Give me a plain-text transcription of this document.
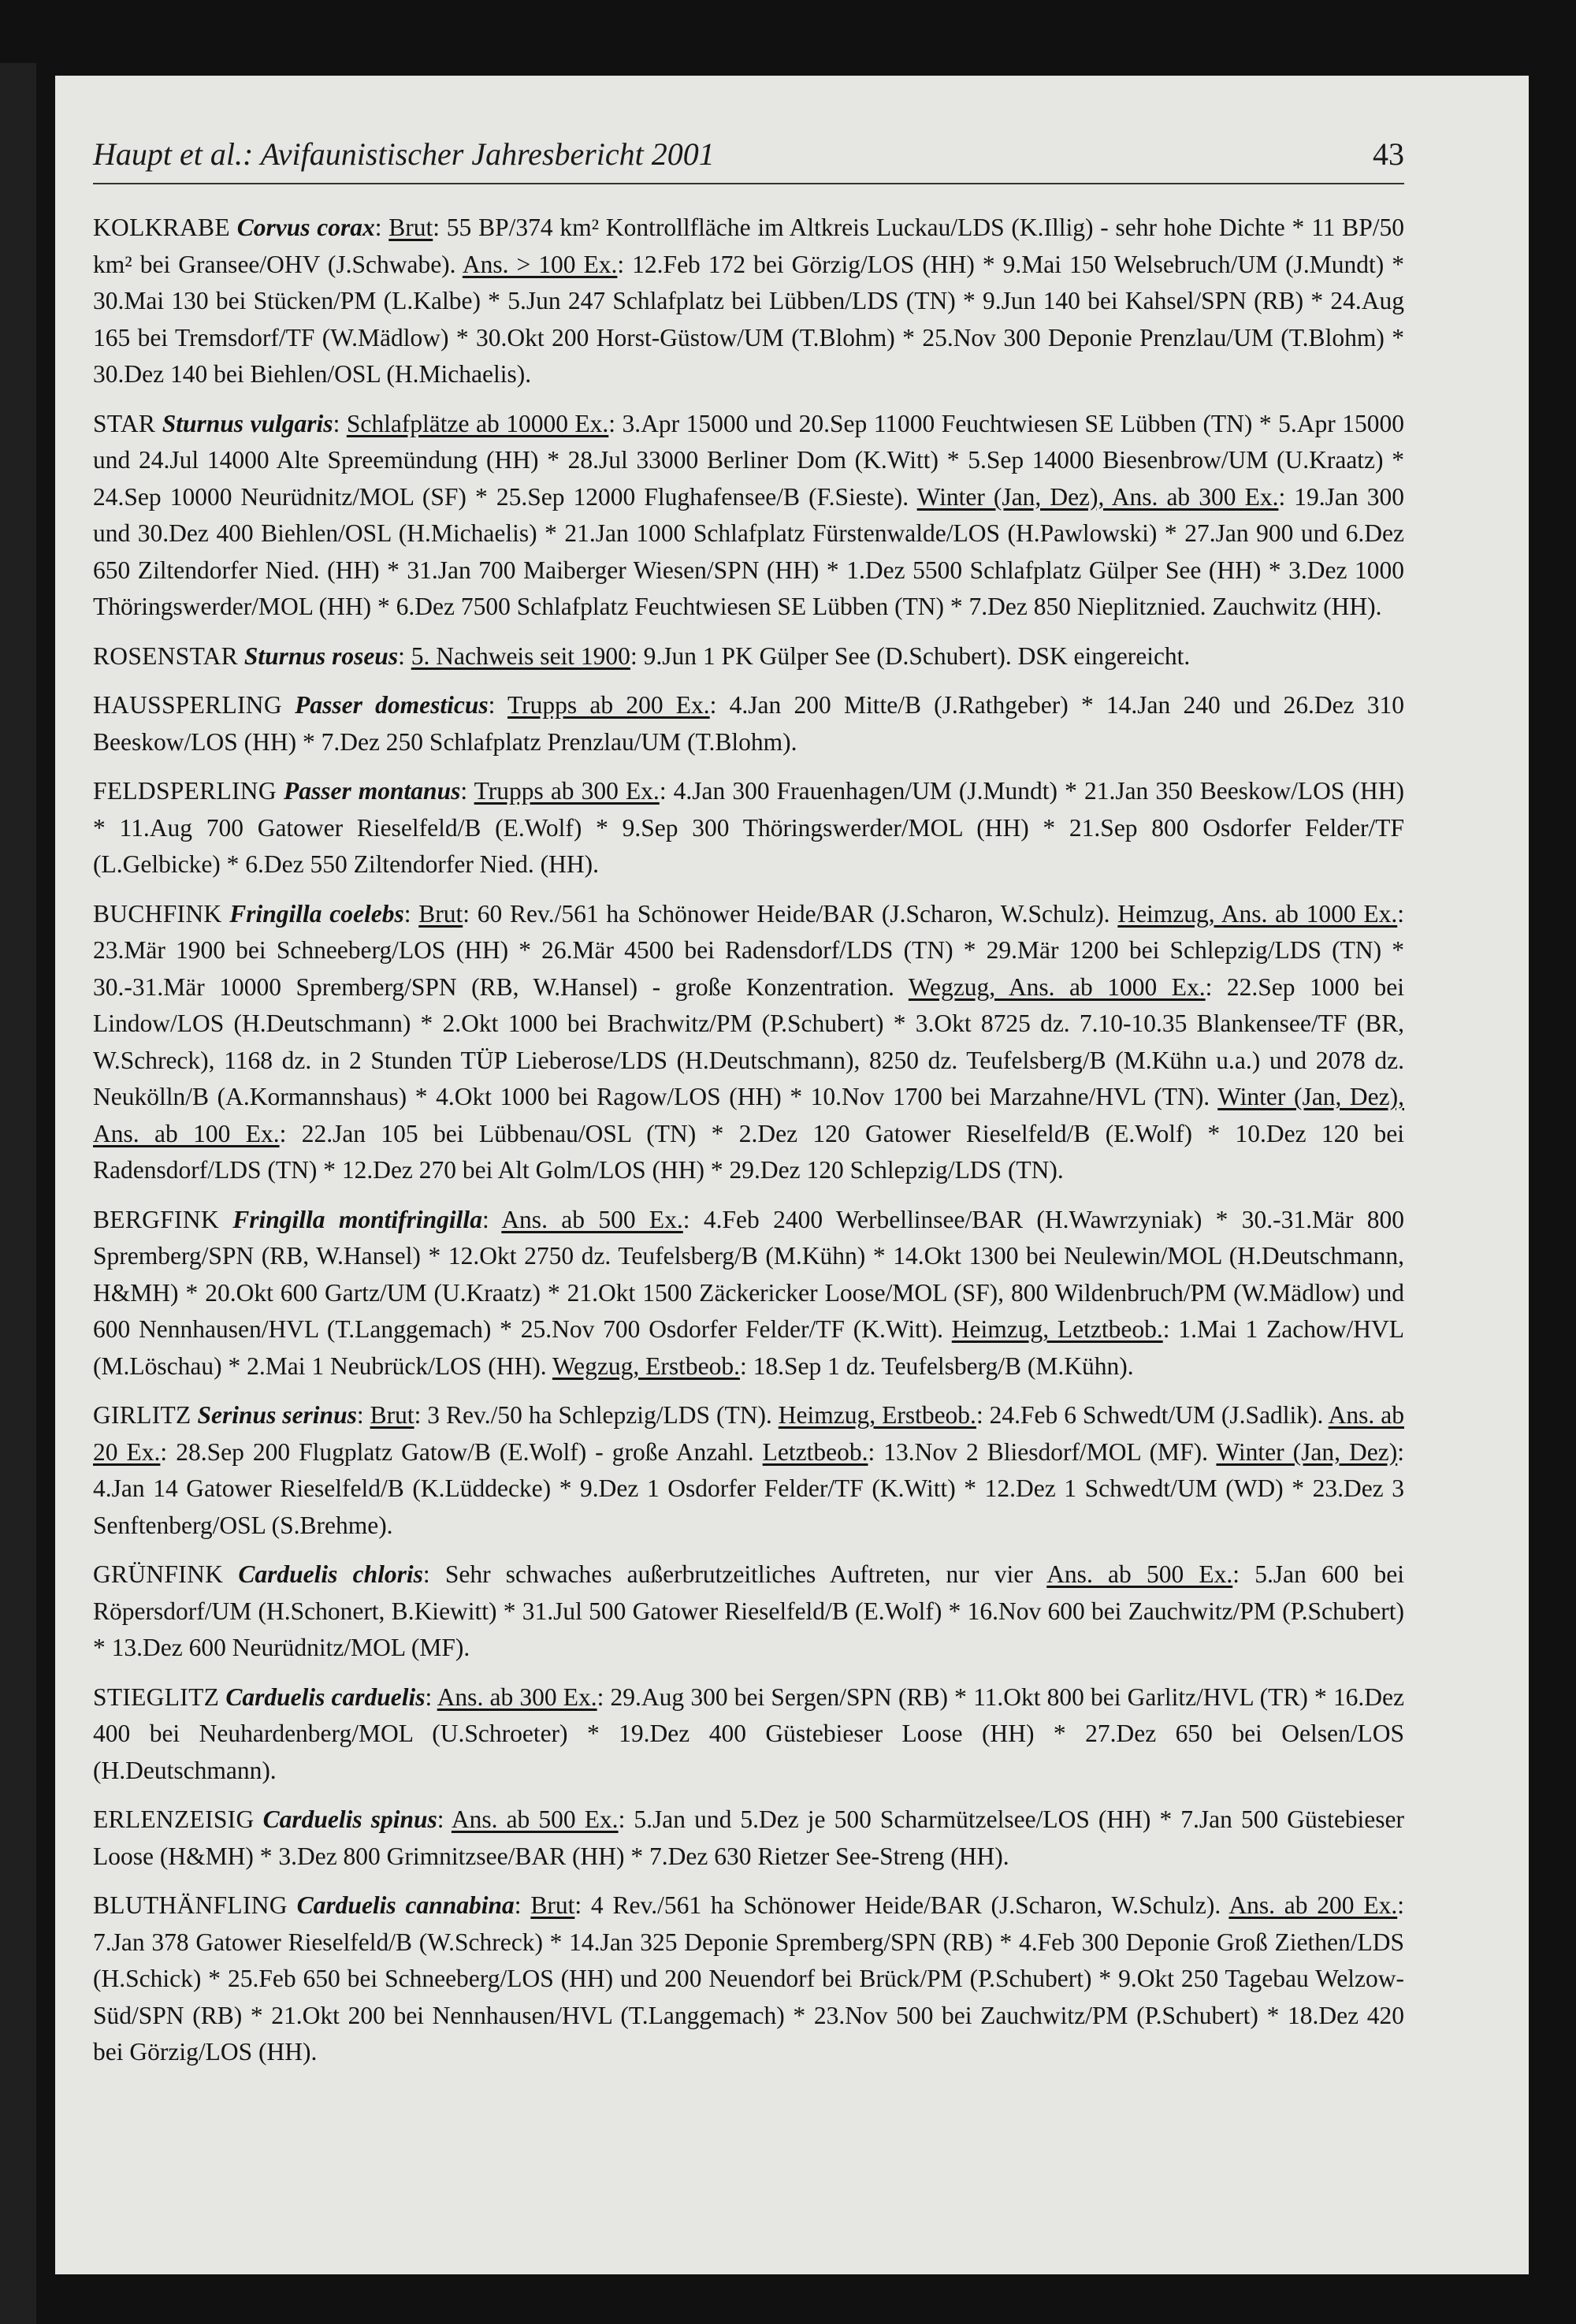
Haupt et al.: Avifaunistischer Jahresbericht 2001	43

KOLKRABE Corvus corax: Brut: 55 BP/374 km² Kontrollfläche im Altkreis Luckau/LDS (K.Illig) - sehr hohe Dichte * 11 BP/50 km² bei Gransee/OHV (J.Schwabe). Ans. > 100 Ex.: 12.Feb 172 bei Görzig/LOS (HH) * 9.Mai 150 Welsebruch/UM (J.Mundt) * 30.Mai 130 bei Stücken/PM (L.Kalbe) * 5.Jun 247 Schlafplatz bei Lübben/LDS (TN) * 9.Jun 140 bei Kahsel/SPN (RB) * 24.Aug 165 bei Tremsdorf/TF (W.Mädlow) * 30.Okt 200 Horst-Güstow/UM (T.Blohm) * 25.Nov 300 Deponie Prenzlau/UM (T.Blohm) * 30.Dez 140 bei Biehlen/OSL (H.Michaelis).

STAR Sturnus vulgaris: Schlafplätze ab 10000 Ex.: 3.Apr 15000 und 20.Sep 11000 Feuchtwiesen SE Lübben (TN) * 5.Apr 15000 und 24.Jul 14000 Alte Spreemündung (HH) * 28.Jul 33000 Berliner Dom (K.Witt) * 5.Sep 14000 Biesenbrow/UM (U.Kraatz) * 24.Sep 10000 Neurüdnitz/MOL (SF) * 25.Sep 12000 Flughafensee/B (F.Sieste). Winter (Jan, Dez), Ans. ab 300 Ex.: 19.Jan 300 und 30.Dez 400 Biehlen/OSL (H.Michaelis) * 21.Jan 1000 Schlafplatz Fürstenwalde/LOS (H.Pawlowski) * 27.Jan 900 und 6.Dez 650 Ziltendorfer Nied. (HH) * 31.Jan 700 Maiberger Wiesen/SPN (HH) * 1.Dez 5500 Schlafplatz Gülper See (HH) * 3.Dez 1000 Thöringswerder/MOL (HH) * 6.Dez 7500 Schlafplatz Feuchtwiesen SE Lübben (TN) * 7.Dez 850 Nieplitznied. Zauchwitz (HH).

ROSENSTAR Sturnus roseus: 5. Nachweis seit 1900: 9.Jun 1 PK Gülper See (D.Schubert). DSK eingereicht.

HAUSSPERLING Passer domesticus: Trupps ab 200 Ex.: 4.Jan 200 Mitte/B (J.Rathgeber) * 14.Jan 240 und 26.Dez 310 Beeskow/LOS (HH) * 7.Dez 250 Schlafplatz Prenzlau/UM (T.Blohm).

FELDSPERLING Passer montanus: Trupps ab 300 Ex.: 4.Jan 300 Frauenhagen/UM (J.Mundt) * 21.Jan 350 Beeskow/LOS (HH) * 11.Aug 700 Gatower Rieselfeld/B (E.Wolf) * 9.Sep 300 Thöringswerder/MOL (HH) * 21.Sep 800 Osdorfer Felder/TF (L.Gelbicke) * 6.Dez 550 Ziltendorfer Nied. (HH).

BUCHFINK Fringilla coelebs: Brut: 60 Rev./561 ha Schönower Heide/BAR (J.Scharon, W.Schulz). Heimzug, Ans. ab 1000 Ex.: 23.Mär 1900 bei Schneeberg/LOS (HH) * 26.Mär 4500 bei Radensdorf/LDS (TN) * 29.Mär 1200 bei Schlepzig/LDS (TN) * 30.-31.Mär 10000 Spremberg/SPN (RB, W.Hansel) - große Konzentration. Wegzug, Ans. ab 1000 Ex.: 22.Sep 1000 bei Lindow/LOS (H.Deutschmann) * 2.Okt 1000 bei Brachwitz/PM (P.Schubert) * 3.Okt 8725 dz. 7.10-10.35 Blankensee/TF (BR, W.Schreck), 1168 dz. in 2 Stunden TÜP Lieberose/LDS (H.Deutschmann), 8250 dz. Teufelsberg/B (M.Kühn u.a.) und 2078 dz. Neukölln/B (A.Kormannshaus) * 4.Okt 1000 bei Ragow/LOS (HH) * 10.Nov 1700 bei Marzahne/HVL (TN). Winter (Jan, Dez), Ans. ab 100 Ex.: 22.Jan 105 bei Lübbenau/OSL (TN) * 2.Dez 120 Gatower Rieselfeld/B (E.Wolf) * 10.Dez 120 bei Radensdorf/LDS (TN) * 12.Dez 270 bei Alt Golm/LOS (HH) * 29.Dez 120 Schlepzig/LDS (TN).

BERGFINK Fringilla montifringilla: Ans. ab 500 Ex.: 4.Feb 2400 Werbellinsee/BAR (H.Wawrzyniak) * 30.-31.Mär 800 Spremberg/SPN (RB, W.Hansel) * 12.Okt 2750 dz. Teufelsberg/B (M.Kühn) * 14.Okt 1300 bei Neulewin/MOL (H.Deutschmann, H&MH) * 20.Okt 600 Gartz/UM (U.Kraatz) * 21.Okt 1500 Zäckericker Loose/MOL (SF), 800 Wildenbruch/PM (W.Mädlow) und 600 Nennhausen/HVL (T.Langgemach) * 25.Nov 700 Osdorfer Felder/TF (K.Witt). Heimzug, Letztbeob.: 1.Mai 1 Zachow/HVL (M.Löschau) * 2.Mai 1 Neubrück/LOS (HH). Wegzug, Erstbeob.: 18.Sep 1 dz. Teufelsberg/B (M.Kühn).

GIRLITZ Serinus serinus: Brut: 3 Rev./50 ha Schlepzig/LDS (TN). Heimzug, Erstbeob.: 24.Feb 6 Schwedt/UM (J.Sadlik). Ans. ab 20 Ex.: 28.Sep 200 Flugplatz Gatow/B (E.Wolf) - große Anzahl. Letztbeob.: 13.Nov 2 Bliesdorf/MOL (MF). Winter (Jan, Dez): 4.Jan 14 Gatower Rieselfeld/B (K.Lüddecke) * 9.Dez 1 Osdorfer Felder/TF (K.Witt) * 12.Dez 1 Schwedt/UM (WD) * 23.Dez 3 Senftenberg/OSL (S.Brehme).

GRÜNFINK Carduelis chloris: Sehr schwaches außerbrutzeitliches Auftreten, nur vier Ans. ab 500 Ex.: 5.Jan 600 bei Röpersdorf/UM (H.Schonert, B.Kiewitt) * 31.Jul 500 Gatower Rieselfeld/B (E.Wolf) * 16.Nov 600 bei Zauchwitz/PM (P.Schubert) * 13.Dez 600 Neurüdnitz/MOL (MF).

STIEGLITZ Carduelis carduelis: Ans. ab 300 Ex.: 29.Aug 300 bei Sergen/SPN (RB) * 11.Okt 800 bei Garlitz/HVL (TR) * 16.Dez 400 bei Neuhardenberg/MOL (U.Schroeter) * 19.Dez 400 Güstebieser Loose (HH) * 27.Dez 650 bei Oelsen/LOS (H.Deutschmann).

ERLENZEISIG Carduelis spinus: Ans. ab 500 Ex.: 5.Jan und 5.Dez je 500 Scharmützelsee/LOS (HH) * 7.Jan 500 Güstebieser Loose (H&MH) * 3.Dez 800 Grimnitzsee/BAR (HH) * 7.Dez 630 Rietzer See-Streng (HH).

BLUTHÄNFLING Carduelis cannabina: Brut: 4 Rev./561 ha Schönower Heide/BAR (J.Scharon, W.Schulz). Ans. ab 200 Ex.: 7.Jan 378 Gatower Rieselfeld/B (W.Schreck) * 14.Jan 325 Deponie Spremberg/SPN (RB) * 4.Feb 300 Deponie Groß Ziethen/LDS (H.Schick) * 25.Feb 650 bei Schneeberg/LOS (HH) und 200 Neuendorf bei Brück/PM (P.Schubert) * 9.Okt 250 Tagebau Welzow-Süd/SPN (RB) * 21.Okt 200 bei Nennhausen/HVL (T.Langgemach) * 23.Nov 500 bei Zauchwitz/PM (P.Schubert) * 18.Dez 420 bei Görzig/LOS (HH).
